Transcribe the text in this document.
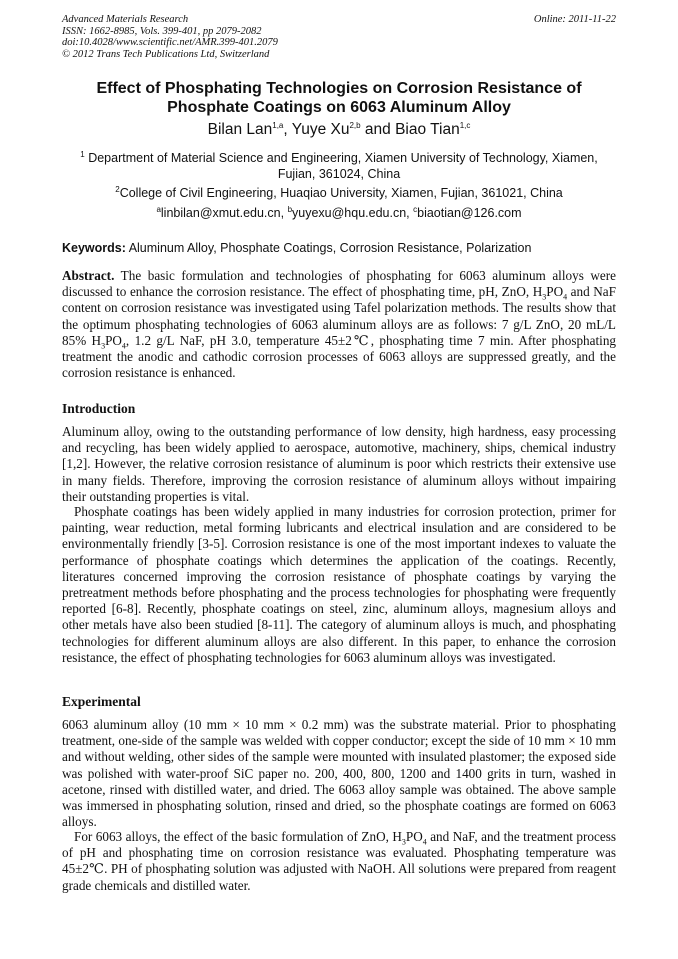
Advanced Materials Research
ISSN: 1662-8985, Vols. 399-401, pp 2079-2082
doi:10.4028/www.scientific.net/AMR.399-401.2079
© 2012 Trans Tech Publications Ltd, Switzerland
Online: 2011-11-22
Effect of Phosphating Technologies on Corrosion Resistance of
Phosphate Coatings on 6063 Aluminum Alloy
Bilan Lan$^{1,a}$, Yuye Xu$^{2,b}$ and Biao Tian$^{1,c}$
$^1$ Department of Material Science and Engineering, Xiamen University of Technology, Xiamen, Fujian, 361024, China
$^2$College of Civil Engineering, Huaqiao University, Xiamen, Fujian, 361021, China
$^a$linbilan@xmut.edu.cn, $^b$yuyexu@hqu.edu.cn, $^c$biaotian@126.com
Keywords: Aluminum Alloy, Phosphate Coatings, Corrosion Resistance, Polarization
Abstract. The basic formulation and technologies of phosphating for 6063 aluminum alloys were discussed to enhance the corrosion resistance. The effect of phosphating time, pH, ZnO, $H_3PO_4$ and NaF content on corrosion resistance was investigated using Tafel polarization methods. The results show that the optimum phosphating technologies of 6063 aluminum alloys are as follows: 7 g/L ZnO, 20 mL/L 85% $H_3PO_4$, 1.2 g/L NaF, pH 3.0, temperature 45±2℃, phosphating time 7 min. After phosphating treatment the anodic and cathodic corrosion processes of 6063 alloys are suppressed greatly, and the corrosion resistance is enhanced.
Introduction
Aluminum alloy, owing to the outstanding performance of low density, high hardness, easy processing and recycling, has been widely applied to aerospace, automotive, machinery, ships, chemical industry [1,2]. However, the relative corrosion resistance of aluminum is poor which restricts their extensive use in many fields. Therefore, improving the corrosion resistance of aluminum alloys without impairing their outstanding properties is vital.
Phosphate coatings has been widely applied in many industries for corrosion protection, primer for painting, wear reduction, metal forming lubricants and electrical insulation and are considered to be environmentally friendly [3-5]. Corrosion resistance is one of the most important indexes to valuate the performance of phosphate coatings which determines the application of the coatings. Recently, literatures concerned improving the corrosion resistance of phosphate coatings by varying the pretreatment methods before phosphating and the process technologies for phosphating were frequently reported [6-8]. Recently, phosphate coatings on steel, zinc, aluminum alloys, magnesium alloys and other metals have also been studied [8-11]. The category of aluminum alloys is much, and phosphating technologies for different aluminum alloys are also different. In this paper, to enhance the corrosion resistance, the effect of phosphating technologies for 6063 aluminum alloys was investigated.
Experimental
6063 aluminum alloy (10 mm × 10 mm × 0.2 mm) was the substrate material. Prior to phosphating treatment, one-side of the sample was welded with copper conductor; except the side of 10 mm × 10 mm and without welding, other sides of the sample were mounted with insulated plastomer; the exposed side was polished with water-proof SiC paper no. 200, 400, 800, 1200 and 1400 grits in turn, washed in acetone, rinsed with distilled water, and dried. The 6063 alloy sample was obtained. The above sample was immersed in phosphating solution, rinsed and dried, so the phosphate coatings are formed on 6063 alloys.
For 6063 alloys, the effect of the basic formulation of ZnO, $H_3PO_4$ and NaF, and the treatment process of pH and phosphating time on corrosion resistance was evaluated. Phosphating temperature was 45±2℃. PH of phosphating solution was adjusted with NaOH. All solutions were prepared from reagent grade chemicals and distilled water.
